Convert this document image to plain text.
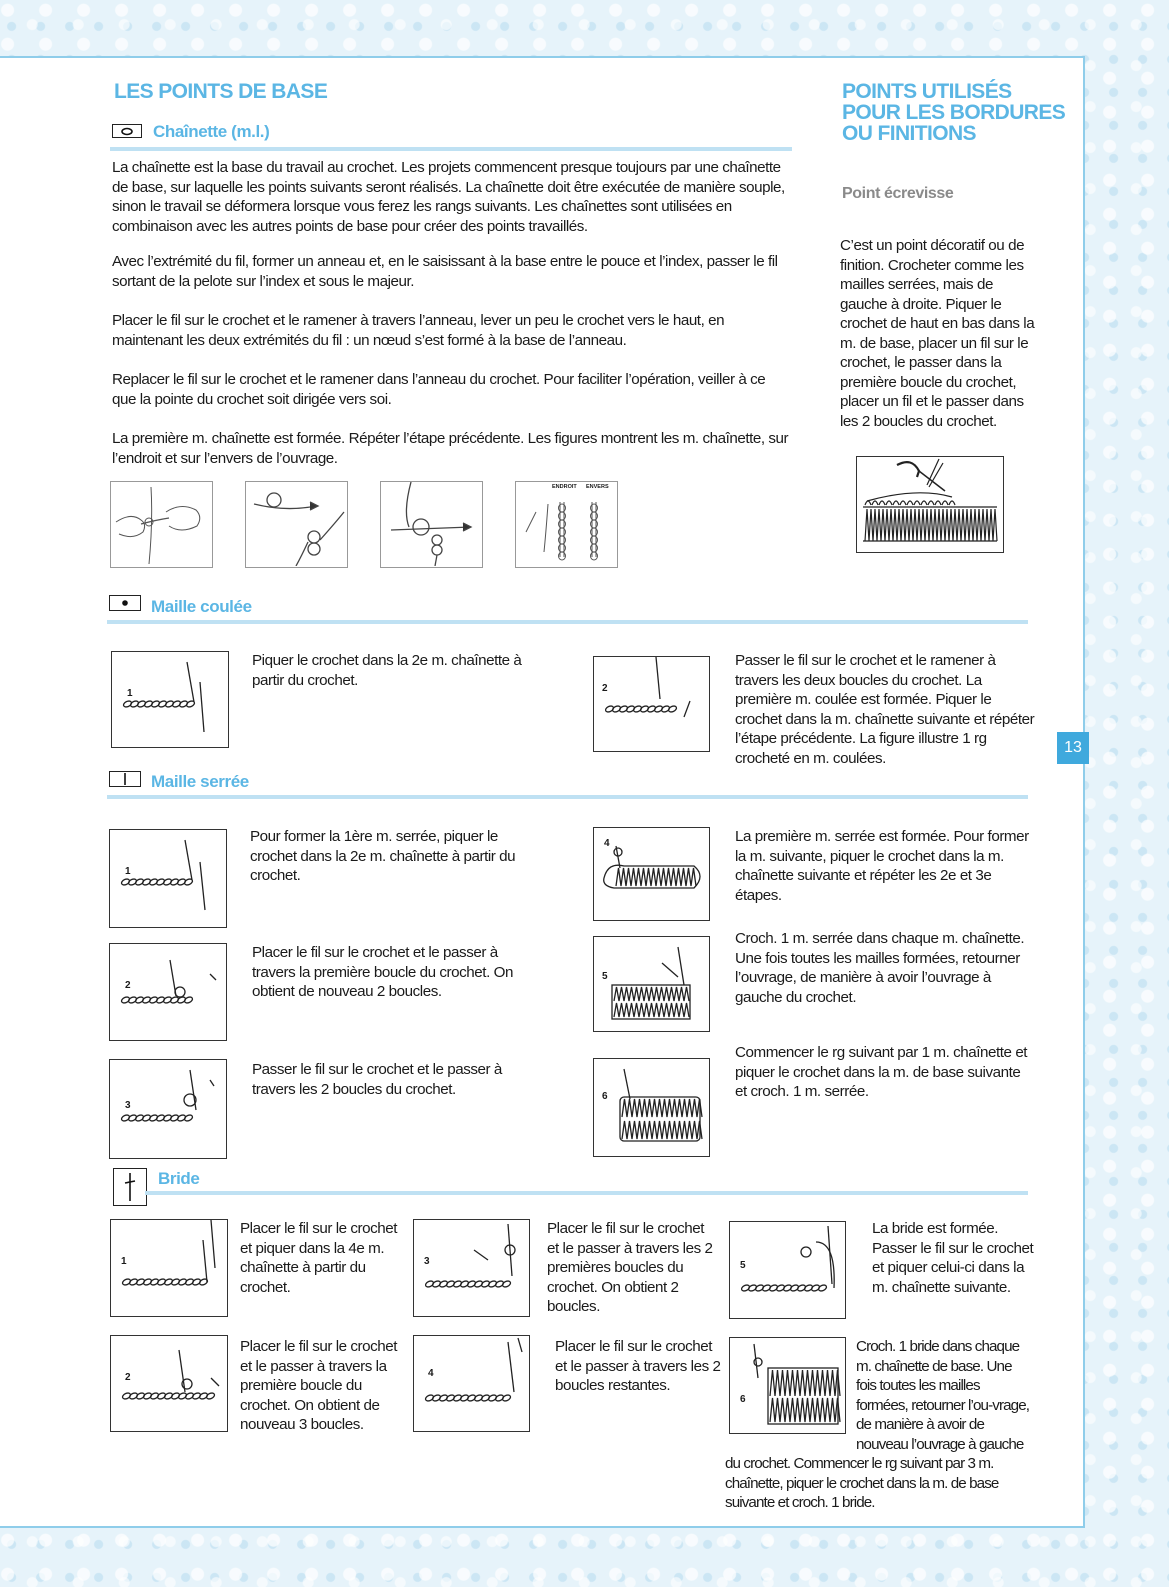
13
LES POINTS DE BASE	POINTS UTILISÉS
POUR LES BORDURES
OU FINITIONS
Chaînette (m.l.)
La chaînette est la base du travail au crochet. Les projets commencent presque toujours par une chaînette de base, sur laquelle les points suivants seront réalisés. La chaînette doit être exécutée de manière souple, sinon le travail se déformera lorsque vous ferez les rangs suivants. Les chaînettes sont utilisées en combinaison avec les autres points de base pour créer des points travaillés.
Avec l’extrémité du fil, former un anneau et, en le saisissant à la base entre le pouce et l’index, passer le fil sortant de la pelote sur l’index et sous le majeur.
Placer le fil sur le crochet et le ramener à travers l’anneau, lever un peu le crochet vers le haut, en maintenant les deux extrémités du fil : un nœud s’est formé à la base de l’anneau.
Replacer le fil sur le crochet et le ramener dans l’anneau du crochet. Pour faciliter l’opération, veiller à ce que la pointe du crochet soit dirigée vers soi.
La première m. chaînette est formée. Répéter l’étape précédente. Les figures montrent les m. chaînette, sur l’endroit et sur l’envers de l’ouvrage.
ENDROIT ENVERS
Point écrevisse
C’est un point décoratif ou de finition. Crocheter comme les mailles serrées, mais de gauche à droite. Piquer le crochet de haut en bas dans la m. de base, placer un fil sur le crochet, le passer dans la première boucle du crochet, placer un fil et le passer dans les 2 boucles du crochet.
Maille coulée
1
Piquer le crochet dans la 2e m. chaînette à partir du crochet.	2
Passer le fil sur le crochet et le ramener à travers les deux boucles du crochet. La première m. coulée est formée. Piquer le crochet dans la m. chaînette suivante et répéter l’étape précédente. La figure illustre 1 rg crocheté en m. coulées.
Maille serrée
1
Pour former la 1ère m. serrée, piquer le crochet dans la 2e m. chaînette à partir du crochet.
2
Placer le fil sur le crochet et le passer à travers la première boucle du crochet. On obtient de nouveau 2 boucles.
3
Passer le fil sur le crochet et le passer à travers les 2 boucles du crochet.
4	La première m. serrée est formée. Pour former la m. suivante, piquer le crochet dans la m. chaînette suivante et répéter les 2e et 3e étapes.
5
Croch. 1 m. serrée dans chaque m. chaînette. Une fois toutes les mailles formées, retourner l’ouvrage, de manière à avoir l’ouvrage à gauche du crochet.
6
Commencer le rg suivant par 1 m. chaînette et piquer le crochet dans la m. de base suivante et croch. 1 m. serrée.
Bride
1
Placer le fil sur le crochet et piquer dans la 4e m. chaînette à partir du crochet.
2
Placer le fil sur le crochet et le passer à travers la première boucle du crochet. On obtient de nouveau 3 boucles.
3
Placer le fil sur le crochet et le passer à travers les 2 premières boucles du crochet. On obtient 2 boucles.
4
Placer le fil sur le crochet et le passer à travers les 2 boucles restantes.
5
La bride est formée. Passer le fil sur le crochet et piquer celui-ci dans la m. chaînette suivante.
6
Croch. 1 bride dans chaque m. chaînette de base. Une fois toutes les mailles formées, retourner l’ou-vrage, de manière à avoir de nouveau l’ouvrage à gauche
du crochet. Commencer le rg suivant par 3 m. chaînette, piquer le crochet dans la m. de base suivante et croch. 1 bride.
